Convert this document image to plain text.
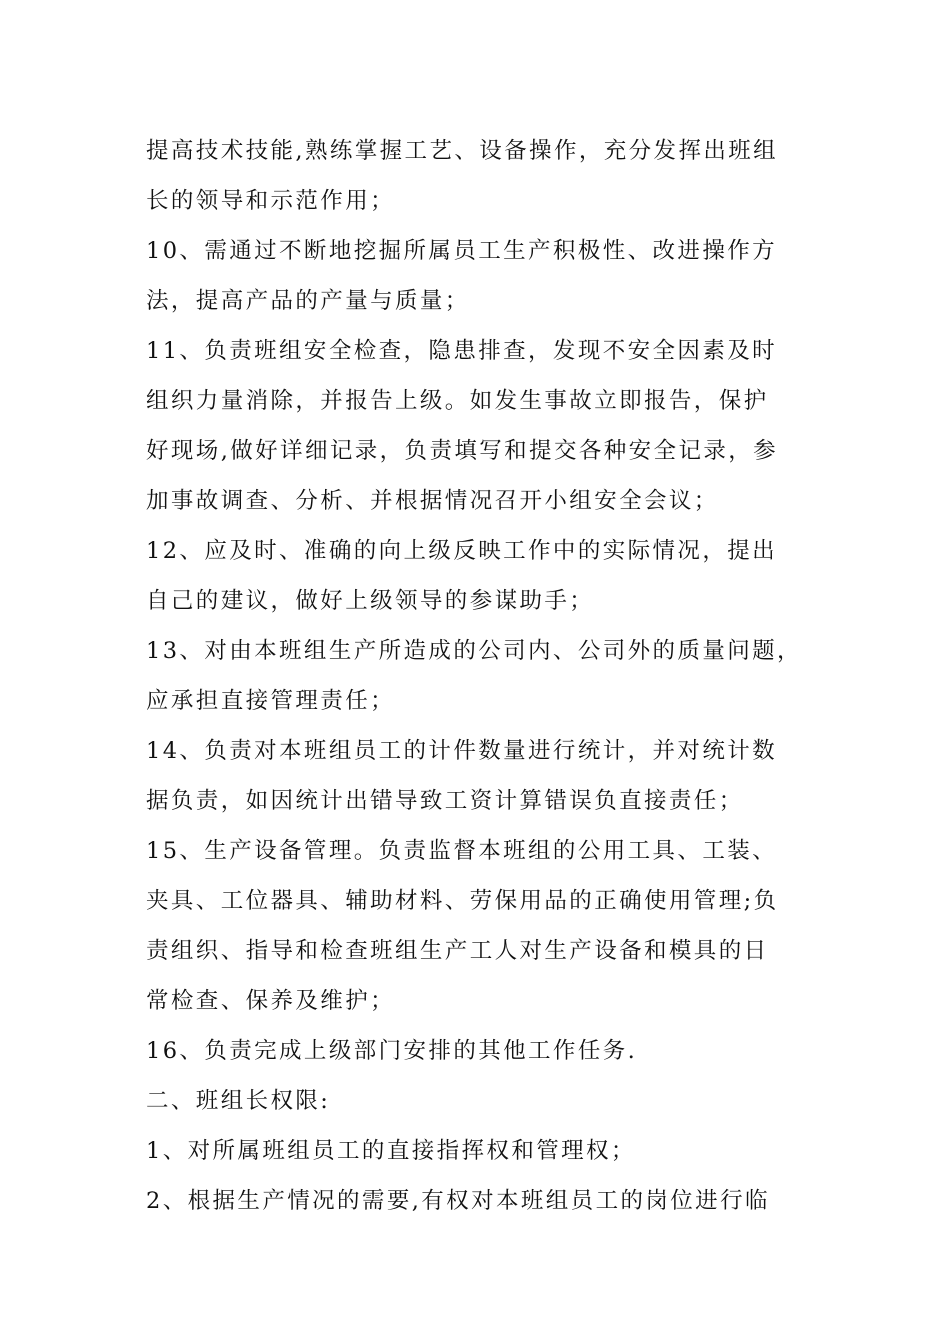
提高技术技能,熟练掌握工艺、设备操作，充分发挥出班组
长的领导和示范作用；
10、需通过不断地挖掘所属员工生产积极性、改进操作方
法，提高产品的产量与质量；
11、负责班组安全检查，隐患排查，发现不安全因素及时
组织力量消除，并报告上级。如发生事故立即报告，保护
好现场,做好详细记录，负责填写和提交各种安全记录，参
加事故调查、分析、并根据情况召开小组安全会议；
12、应及时、准确的向上级反映工作中的实际情况，提出
自己的建议，做好上级领导的参谋助手；
13、对由本班组生产所造成的公司内、公司外的质量问题，
应承担直接管理责任；
14、负责对本班组员工的计件数量进行统计，并对统计数
据负责，如因统计出错导致工资计算错误负直接责任；
15、生产设备管理。负责监督本班组的公用工具、工装、
夹具、工位器具、辅助材料、劳保用品的正确使用管理;负
责组织、指导和检查班组生产工人对生产设备和模具的日
常检查、保养及维护；
16、负责完成上级部门安排的其他工作任务.
二、班组长权限:
1、对所属班组员工的直接指挥权和管理权；
2、根据生产情况的需要,有权对本班组员工的岗位进行临
